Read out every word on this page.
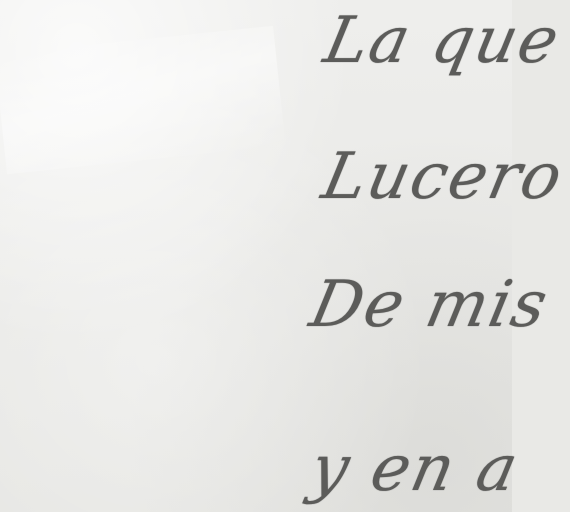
La que
Lucero
De mis
y en a
